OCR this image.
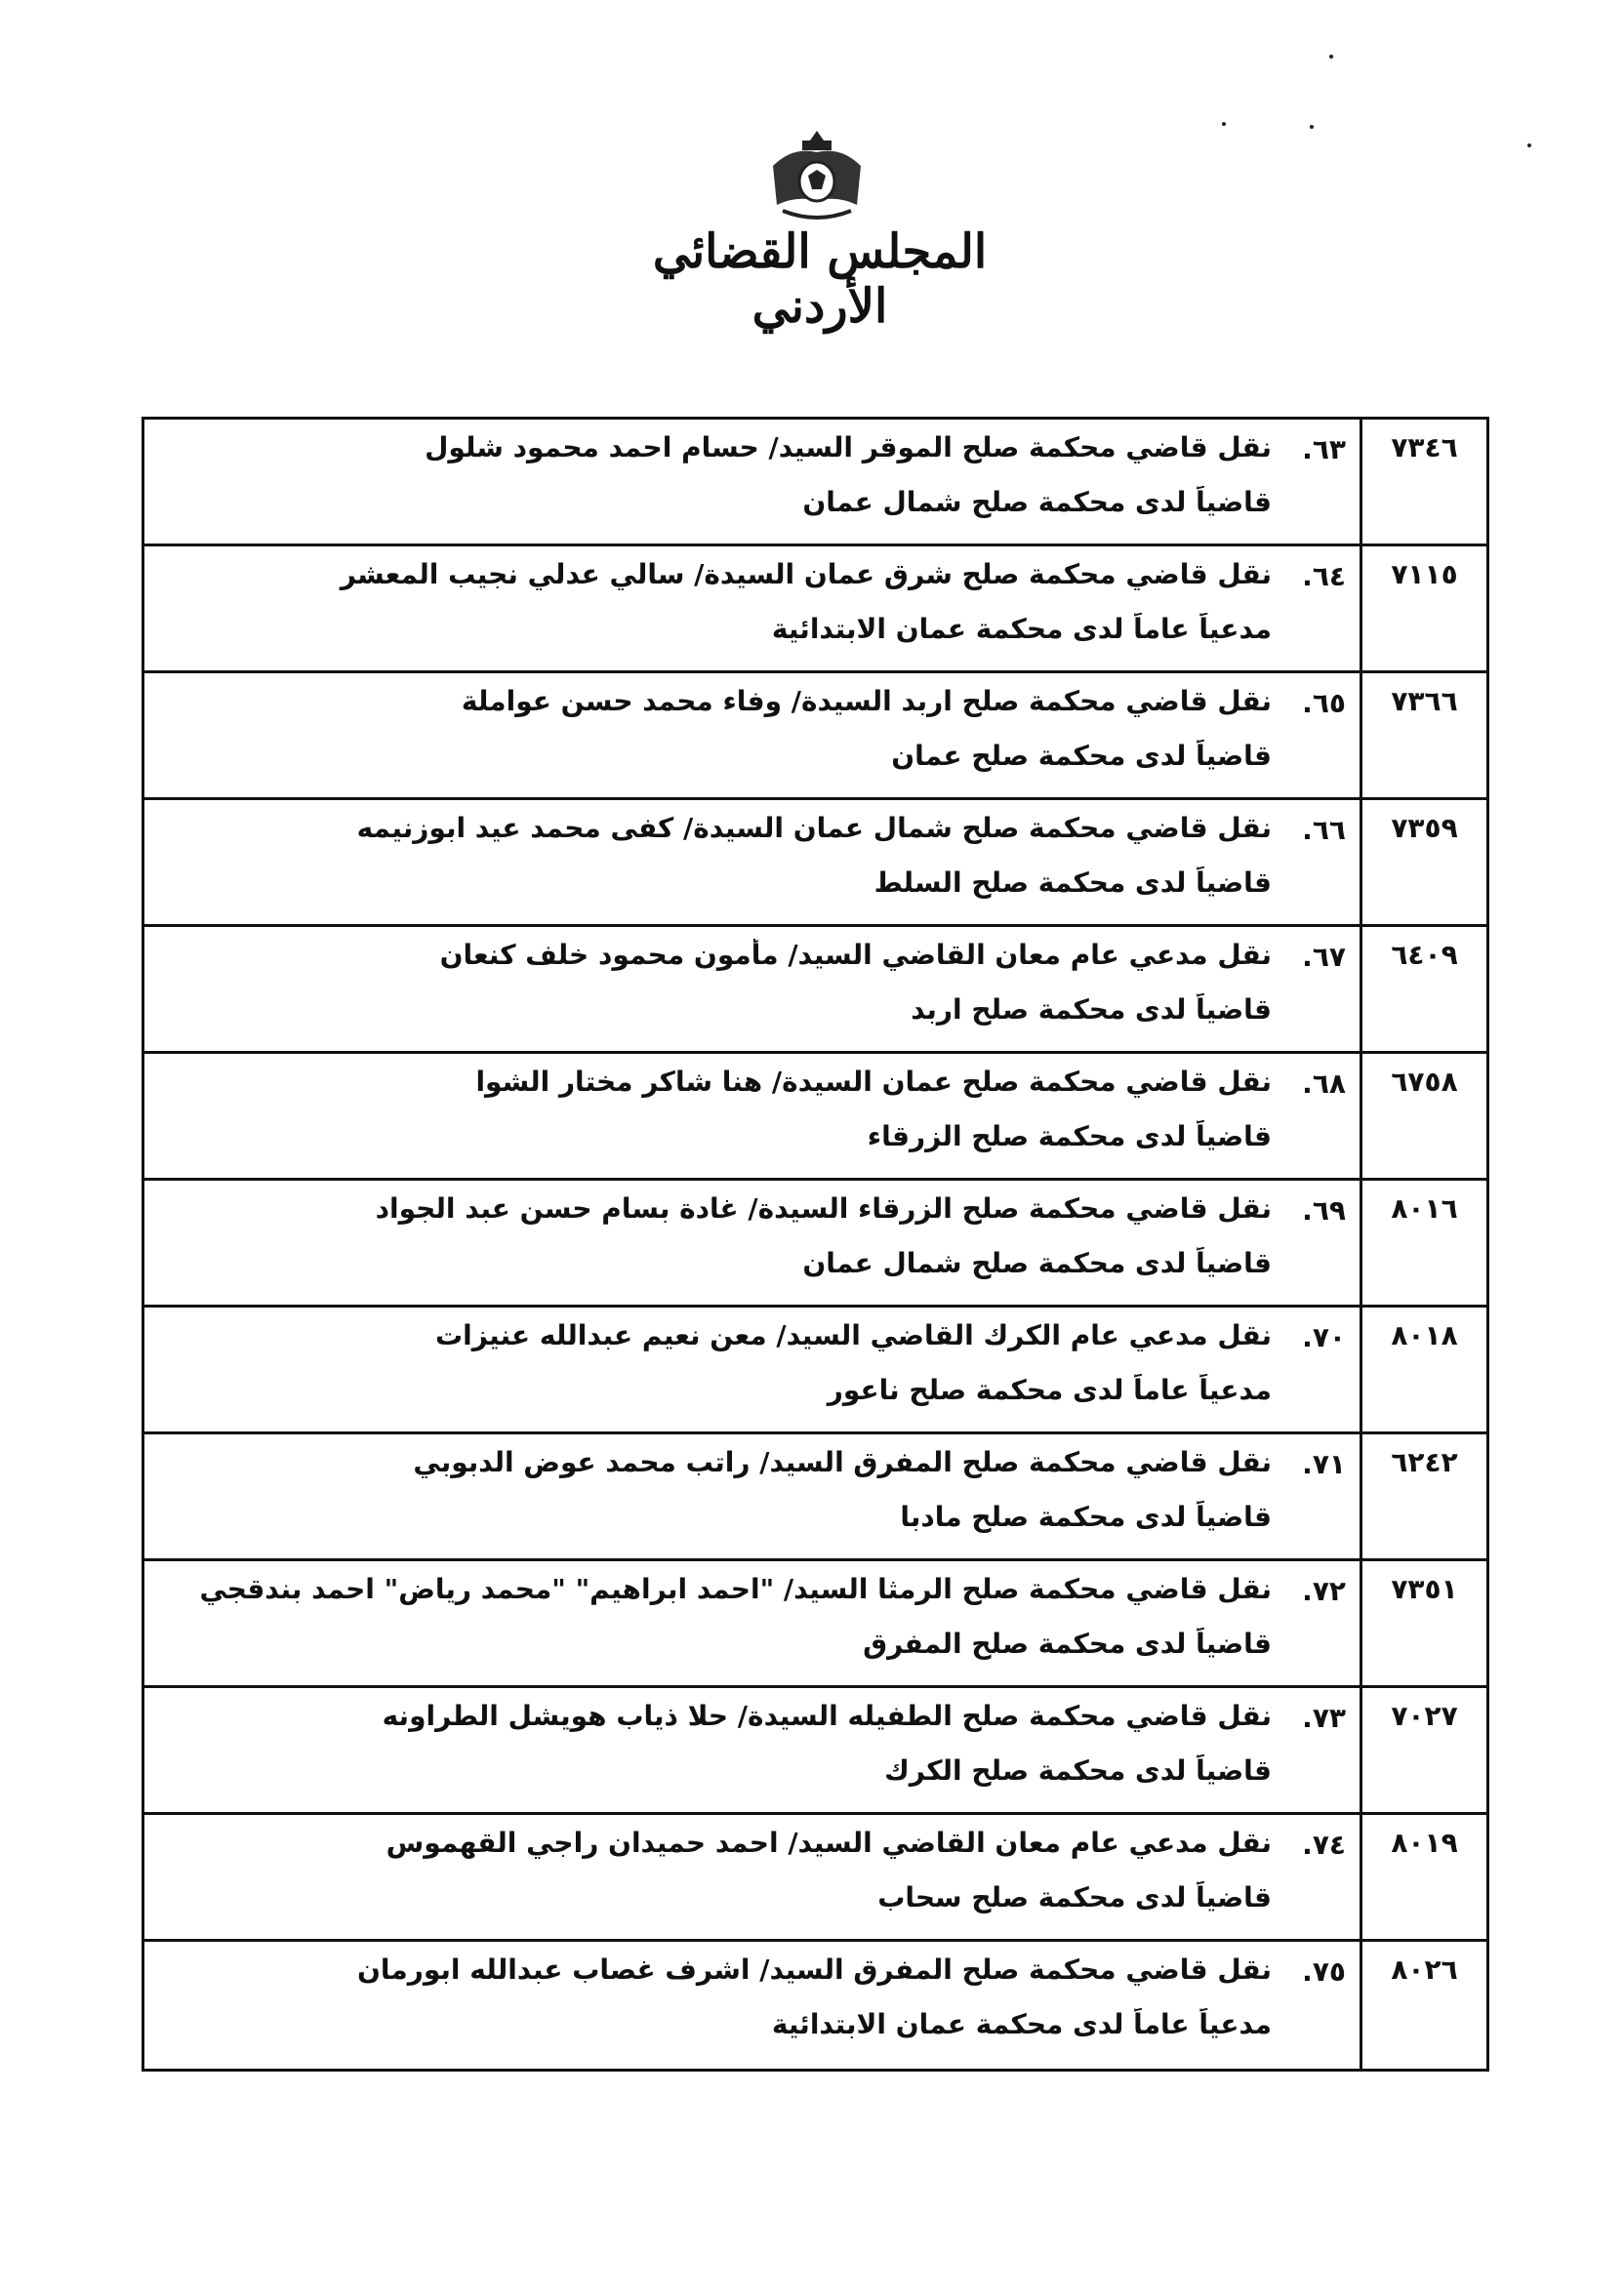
المجلس القضائي الأردني
٧٣٤٦
٦٣.
نقل قاضي محكمة صلح الموقر السيد/ حسام احمد محمود شلول
قاضياً لدى محكمة صلح شمال عمان
٧١١٥
٦٤.
نقل قاضي محكمة صلح شرق عمان السيدة/ سالي عدلي نجيب المعشر
مدعياً عاماً لدى محكمة عمان الابتدائية
٧٣٦٦
٦٥.
نقل قاضي محكمة صلح اربد السيدة/ وفاء محمد حسن عواملة
قاضياً لدى محكمة صلح عمان
٧٣٥٩
٦٦.
نقل قاضي محكمة صلح شمال عمان السيدة/ كفى محمد عيد ابوزنيمه
قاضياً لدى محكمة صلح السلط
٦٤٠٩
٦٧.
نقل مدعي عام معان القاضي السيد/ مأمون محمود خلف كنعان
قاضياً لدى محكمة صلح اربد
٦٧٥٨
٦٨.
نقل قاضي محكمة صلح عمان السيدة/ هنا شاكر مختار الشوا
قاضياً لدى محكمة صلح الزرقاء
٨٠١٦
٦٩.
نقل قاضي محكمة صلح الزرقاء السيدة/ غادة بسام حسن عبد الجواد
قاضياً لدى محكمة صلح شمال عمان
٨٠١٨
٧٠.
نقل مدعي عام الكرك القاضي السيد/ معن نعيم عبدالله عنيزات
مدعياً عاماً لدى محكمة صلح ناعور
٦٢٤٢
٧١.
نقل قاضي محكمة صلح المفرق السيد/ راتب محمد عوض الدبوبي
قاضياً لدى محكمة صلح مادبا
٧٣٥١
٧٢.
نقل قاضي محكمة صلح الرمثا السيد/ "احمد ابراهيم" "محمد رياض" احمد بندقجي
قاضياً لدى محكمة صلح المفرق
٧٠٢٧
٧٣.
نقل قاضي محكمة صلح الطفيله السيدة/ حلا ذياب هويشل الطراونه
قاضياً لدى محكمة صلح الكرك
٨٠١٩
٧٤.
نقل مدعي عام معان القاضي السيد/ احمد حميدان راجي القهموس
قاضياً لدى محكمة صلح سحاب
٨٠٢٦
٧٥.
نقل قاضي محكمة صلح المفرق السيد/ اشرف غصاب عبدالله ابورمان
مدعياً عاماً لدى محكمة عمان الابتدائية
